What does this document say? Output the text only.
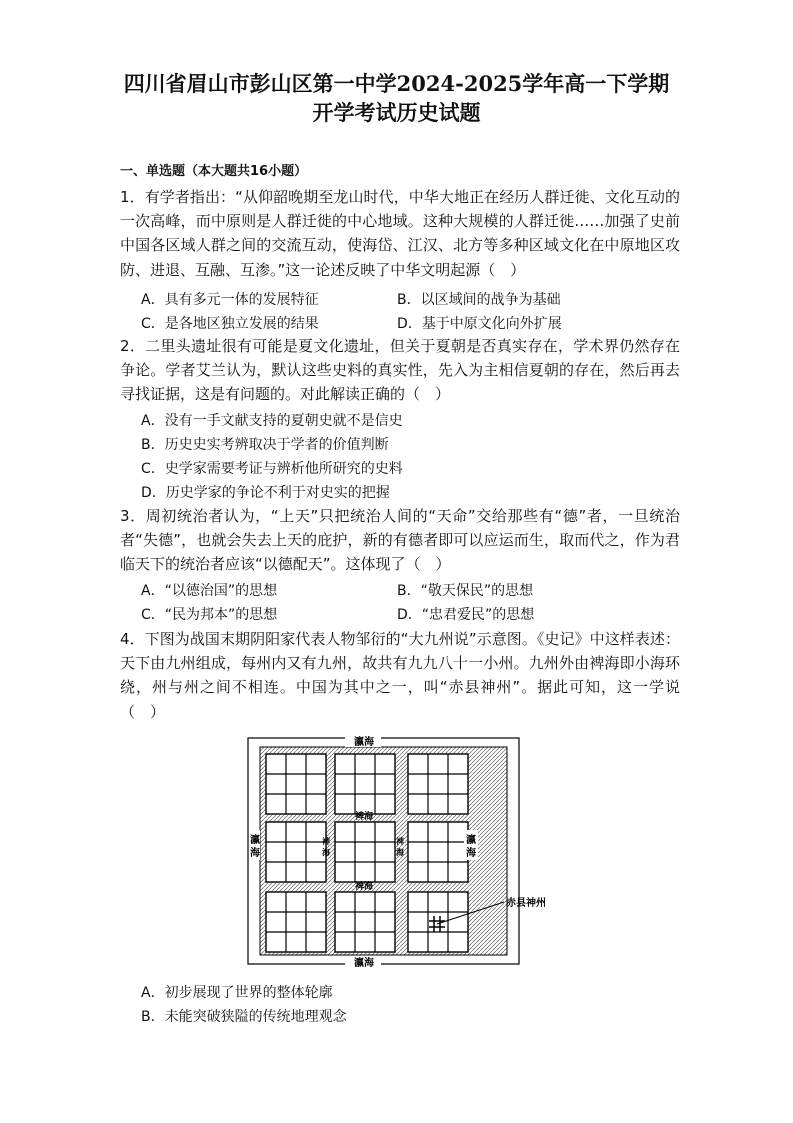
四川省眉山市彭山区第一中学2024-2025学年高一下学期
开学考试历史试题
一、单选题（本大题共16小题）

1．有学者指出：“从仰韶晚期至龙山时代，中华大地正在经历人群迁徙、文化互动的一次高峰，而中原则是人群迁徙的中心地域。这种大规模的人群迁徙……加强了史前中国各区域人群之间的交流互动，使海岱、江汉、北方等多种区域文化在中原地区攻防、进退、互融、互渗。”这一论述反映了中华文明起源（　）

A．具有多元一体的发展特征	B．以区域间的战争为基础
C．是各地区独立发展的结果	D．基于中原文化向外扩展

2．二里头遗址很有可能是夏文化遗址，但关于夏朝是否真实存在，学术界仍然存在争论。学者艾兰认为，默认这些史料的真实性，先入为主相信夏朝的存在，然后再去寻找证据，这是有问题的。对此解读正确的（　）

A．没有一手文献支持的夏朝史就不是信史
B．历史史实考辨取决于学者的价值判断
C．史学家需要考证与辨析他所研究的史料
D．历史学家的争论不利于对史实的把握

3．周初统治者认为，“上天”只把统治人间的“天命”交给那些有“德”者，一旦统治者“失德”，也就会失去上天的庇护，新的有德者即可以应运而生，取而代之，作为君临天下的统治者应该“以德配天”。这体现了（　）

A．“以德治国”的思想	B．“敬天保民”的思想
C．“民为邦本”的思想	D．“忠君爱民”的思想

4．下图为战国末期阴阳家代表人物邹衍的“大九州说”示意图。《史记》中这样表述：天下由九州组成，每州内又有九州，故共有九九八十一小州。九州外由裨海即小海环绕，州与州之间不相连。中国为其中之一，叫“赤县神州”。据此可知，这一学说（　）

瀛海
瀛海
瀛
海
瀛
海
裨海
裨海
裨
海
裨
海
赤县神州
A．初步展现了世界的整体轮廓
B．未能突破狭隘的传统地理观念
